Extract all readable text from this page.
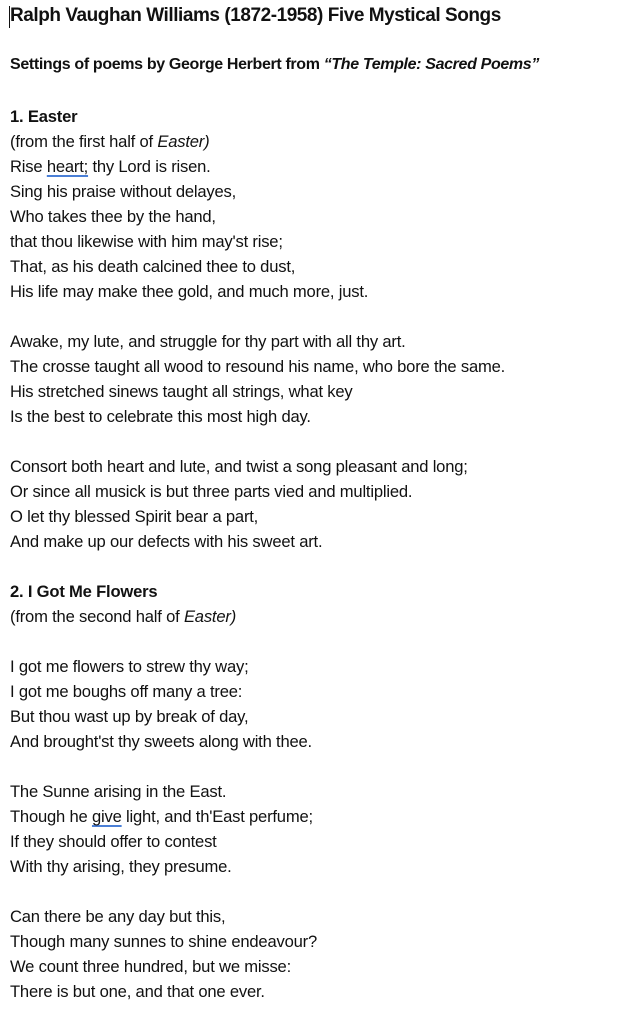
Ralph Vaughan Williams (1872-1958) Five Mystical Songs

Settings of poems by George Herbert from “The Temple: Sacred Poems”

1. Easter
(from the first half of Easter)
Rise heart; thy Lord is risen.
Sing his praise without delayes,
Who takes thee by the hand,
that thou likewise with him may'st rise;
That, as his death calcined thee to dust,
His life may make thee gold, and much more, just.
Awake, my lute, and struggle for thy part with all thy art.
The crosse taught all wood to resound his name, who bore the same.
His stretched sinews taught all strings, what key
Is the best to celebrate this most high day.
Consort both heart and lute, and twist a song pleasant and long;
Or since all musick is but three parts vied and multiplied.
O let thy blessed Spirit bear a part,
And make up our defects with his sweet art.
2. I Got Me Flowers
(from the second half of Easter)
I got me flowers to strew thy way;
I got me boughs off many a tree:
But thou wast up by break of day,
And brought'st thy sweets along with thee.
The Sunne arising in the East.
Though he give light, and th'East perfume;
If they should offer to contest
With thy arising, they presume.
Can there be any day but this,
Though many sunnes to shine endeavour?
We count three hundred, but we misse:
There is but one, and that one ever.
